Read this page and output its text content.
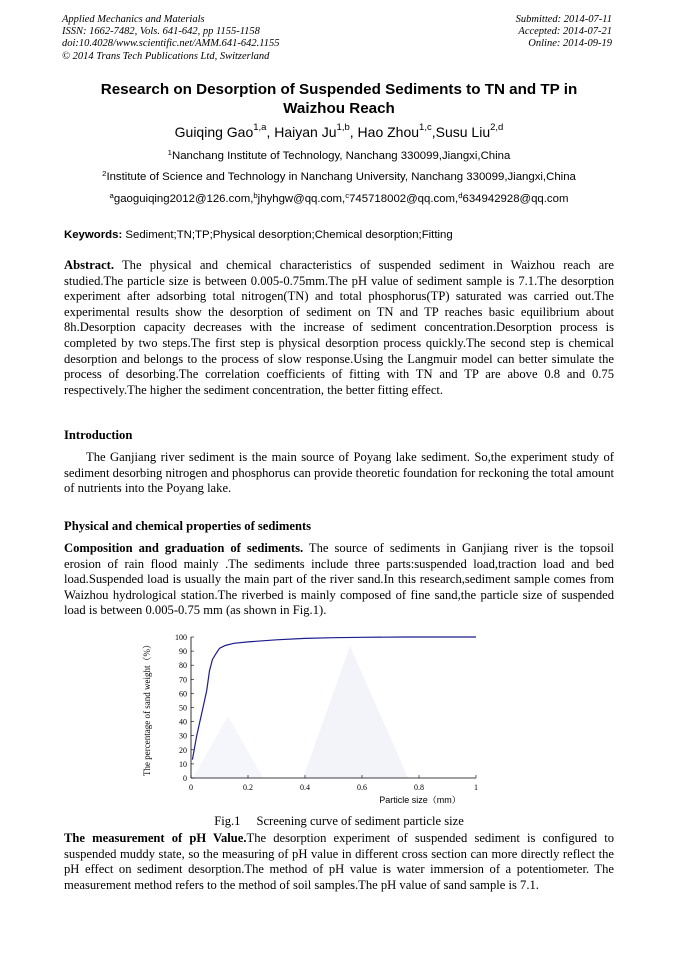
Applied Mechanics and Materials
ISSN: 1662-7482, Vols. 641-642, pp 1155-1158
doi:10.4028/www.scientific.net/AMM.641-642.1155
© 2014 Trans Tech Publications Ltd, Switzerland
Submitted: 2014-07-11
Accepted: 2014-07-21
Online: 2014-09-19
Research on Desorption of Suspended Sediments to TN and TP in Waizhou Reach
Guiqing Gao$^{1,a}$, Haiyan Ju$^{1,b}$, Hao Zhou$^{1,c}$,Susu Liu$^{2,d}$
$^1$Nanchang Institute of Technology, Nanchang 330099,Jiangxi,China
$^2$Institute of Science and Technology in Nanchang University, Nanchang 330099,Jiangxi,China
$^a$gaoguiqing2012@126.com,$^b$jhyhgw@qq.com,$^c$745718002@qq.com,$^d$634942928@qq.com
Keywords: Sediment;TN;TP;Physical desorption;Chemical desorption;Fitting
Abstract. The physical and chemical characteristics of suspended sediment in Waizhou reach are studied.The particle size is between 0.005-0.75mm.The pH value of sediment sample is 7.1.The desorption experiment after adsorbing total nitrogen(TN) and total phosphorus(TP) saturated was carried out.The experimental results show the desorption of sediment on TN and TP reaches basic equilibrium about 8h.Desorption capacity decreases with the increase of sediment concentration.Desorption process is completed by two steps.The first step is physical desorption process quickly.The second step is chemical desorption and belongs to the process of slow response.Using the Langmuir model can better simulate the process of desorbing.The correlation coefficients of fitting with TN and TP are above 0.8 and 0.75 respectively.The higher the sediment concentration, the better fitting effect.
Introduction
The Ganjiang river sediment is the main source of Poyang lake sediment. So,the experiment study of sediment desorbing nitrogen and phosphorus can provide theoretic foundation for reckoning the total amount of nutrients into the Poyang lake.
Physical and chemical properties of sediments
Composition and graduation of sediments. The source of sediments in Ganjiang river is the topsoil erosion of rain flood mainly .The sediments include three parts:suspended load,traction load and bed load.Suspended load is usually the main part of the river sand.In this research,sediment sample comes from Waizhou hydrological station.The riverbed is mainly composed of fine sand,the particle size of suspended load is between 0.005-0.75 mm (as shown in Fig.1).
0
10
20
30
40
50
60
70
80
90
100
0	0.2	0.4	0.6	0.8	1
Particle size（mm）
The percentage of sand weight（%）
Fig.1 Screening curve of sediment particle size
The measurement of pH Value.The desorption experiment of suspended sediment is configured to suspended muddy state, so the measuring of pH value in different cross section can more directly reflect the pH effect on sediment desorption.The method of pH value is water immersion of a potentiometer. The measurement method refers to the method of soil samples.The pH value of sand sample is 7.1.
